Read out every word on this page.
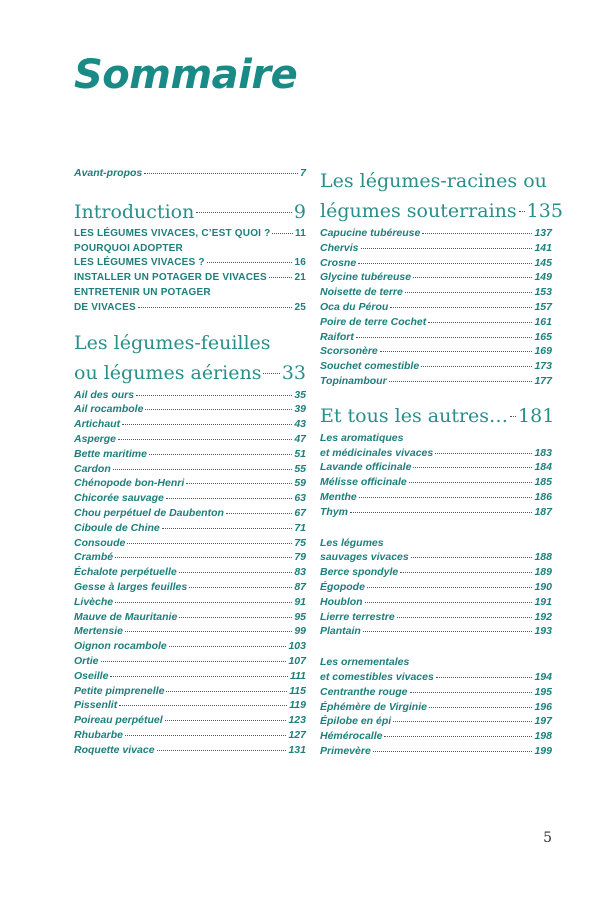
Sommaire
Avant-propos	7
Introduction	9
LES LÉGUMES VIVACES, C’EST QUOI ? 11
POURQUOI ADOPTER
LES LÉGUMES VIVACES ?	16
INSTALLER UN POTAGER DE VIVACES	21
ENTRETENIR UN POTAGER
DE VIVACES	25
Les légumes-feuilles
ou légumes aériens 33
Ail des ours	35
Ail rocambole	39
Artichaut	43
Asperge	47
Bette maritime	51
Cardon	55
Chénopode bon-Henri	59
Chicorée sauvage	63
Chou perpétuel de Daubenton	67
Ciboule de Chine	71
Consoude	75
Crambé	79
Échalote perpétuelle	83
Gesse à larges feuilles	87
Livèche	91
Mauve de Mauritanie	95
Mertensie	99
Oignon rocambole	103
Ortie	107
Oseille	111
Petite pimprenelle	115
Pissenlit	119
Poireau perpétuel	123
Rhubarbe	127
Roquette vivace	131
Les légumes-racines ou
légumes souterrains 135
Capucine tubéreuse	137
Chervis	141
Crosne	145
Glycine tubéreuse	149
Noisette de terre	153
Oca du Pérou	157
Poire de terre Cochet	161
Raifort	165
Scorsonère	169
Souchet comestible	173
Topinambour	177
Et tous les autres… 181
Les aromatiques
et médicinales vivaces	183
Lavande officinale	184
Mélisse officinale	185
Menthe	186
Thym	187
Les légumes
sauvages vivaces	188
Berce spondyle	189
Égopode	190
Houblon	191
Lierre terrestre	192
Plantain	193
Les ornementales
et comestibles vivaces	194
Centranthe rouge	195
Éphémère de Virginie	196
Épilobe en épi	197
Hémérocalle	198
Primevère	199
5
